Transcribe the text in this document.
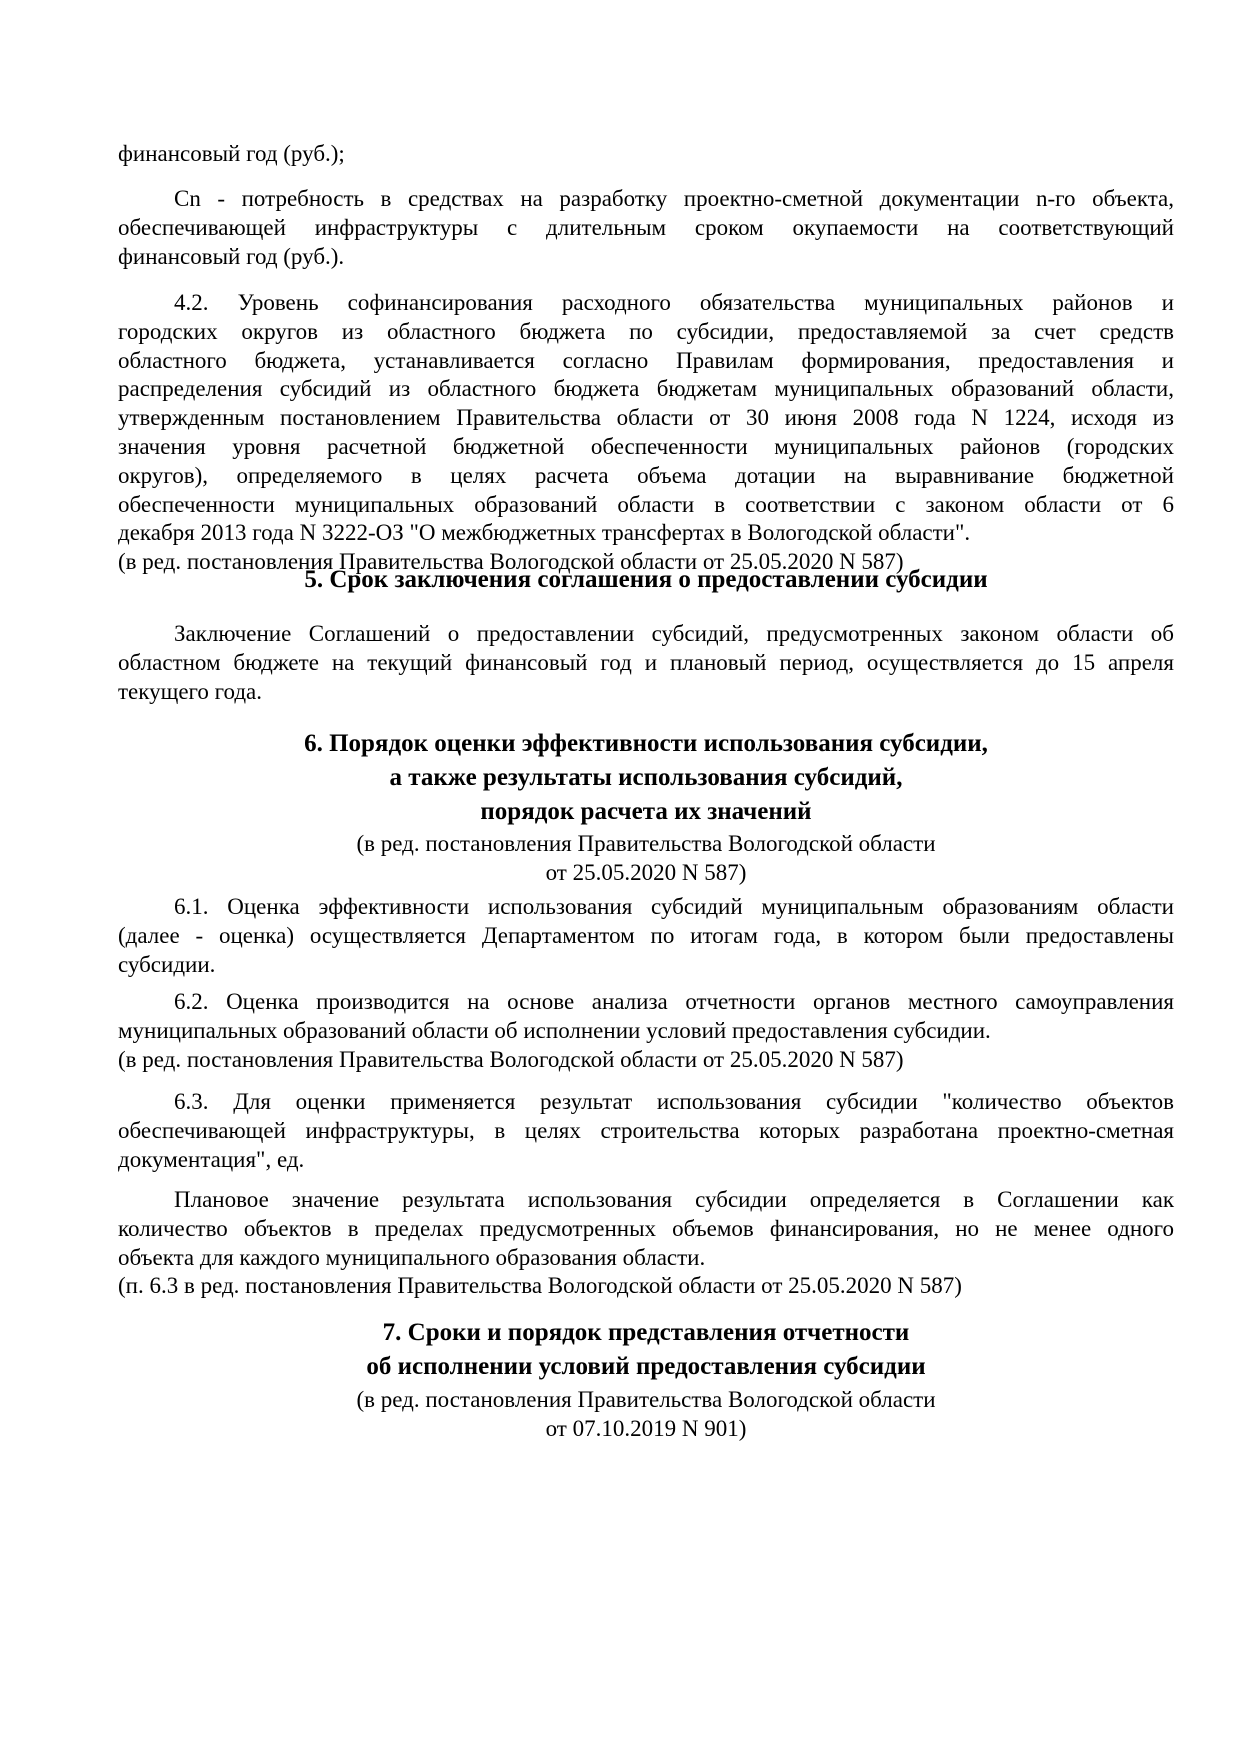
финансовый год (руб.);
Cn - потребность в средствах на разработку проектно-сметной документации n-го объекта,
обеспечивающей инфраструктуры с длительным сроком окупаемости на соответствующий
финансовый год (руб.).
4.2. Уровень софинансирования расходного обязательства муниципальных районов и
городских округов из областного бюджета по субсидии, предоставляемой за счет средств
областного бюджета, устанавливается согласно Правилам формирования, предоставления и
распределения субсидий из областного бюджета бюджетам муниципальных образований области,
утвержденным постановлением Правительства области от 30 июня 2008 года N 1224, исходя из
значения уровня расчетной бюджетной обеспеченности муниципальных районов (городских
округов), определяемого в целях расчета объема дотации на выравнивание бюджетной
обеспеченности муниципальных образований области в соответствии с законом области от 6
декабря 2013 года N 3222-ОЗ "О межбюджетных трансфертах в Вологодской области".
(в ред. постановления Правительства Вологодской области от 25.05.2020 N 587)
5. Срок заключения соглашения о предоставлении субсидии
Заключение Соглашений о предоставлении субсидий, предусмотренных законом области об
областном бюджете на текущий финансовый год и плановый период, осуществляется до 15 апреля
текущего года.
6. Порядок оценки эффективности использования субсидии,
а также результаты использования субсидий,
порядок расчета их значений
(в ред. постановления Правительства Вологодской области
от 25.05.2020 N 587)
6.1. Оценка эффективности использования субсидий муниципальным образованиям области
(далее - оценка) осуществляется Департаментом по итогам года, в котором были предоставлены
субсидии.
6.2. Оценка производится на основе анализа отчетности органов местного самоуправления
муниципальных образований области об исполнении условий предоставления субсидии.
(в ред. постановления Правительства Вологодской области от 25.05.2020 N 587)
6.3. Для оценки применяется результат использования субсидии "количество объектов
обеспечивающей инфраструктуры, в целях строительства которых разработана проектно-сметная
документация", ед.
Плановое значение результата использования субсидии определяется в Соглашении как
количество объектов в пределах предусмотренных объемов финансирования, но не менее одного
объекта для каждого муниципального образования области.
(п. 6.3 в ред. постановления Правительства Вологодской области от 25.05.2020 N 587)
7. Сроки и порядок представления отчетности
об исполнении условий предоставления субсидии
(в ред. постановления Правительства Вологодской области
от 07.10.2019 N 901)
